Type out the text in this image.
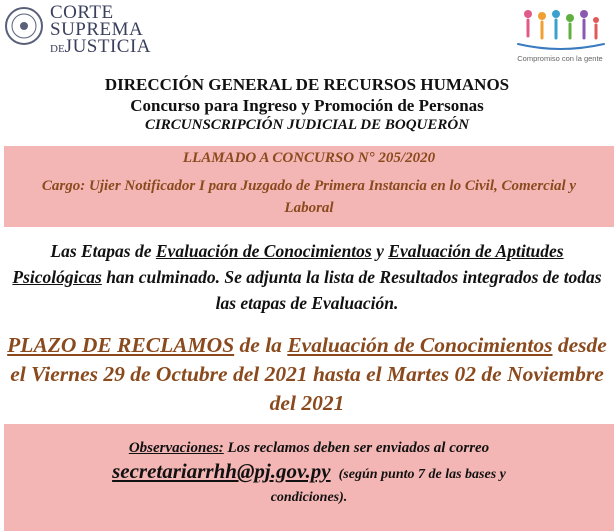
CORTE
SUPREMA
DEJUSTICIA
Compromiso con la gente
DIRECCIÓN GENERAL DE RECURSOS HUMANOS
Concurso para Ingreso y Promoción de Personas
CIRCUNSCRIPCIÓN JUDICIAL DE BOQUERÓN
LLAMADO A CONCURSO N° 205/2020
Cargo: Ujier Notificador I para Juzgado de Primera Instancia en lo Civil, Comercial y Laboral
Las Etapas de Evaluación de Conocimientos y Evaluación de Aptitudes Psicológicas han culminado. Se adjunta la lista de Resultados integrados de todas las etapas de Evaluación.
PLAZO DE RECLAMOS de la Evaluación de Conocimientos desde el Viernes 29 de Octubre del 2021 hasta el Martes 02 de Noviembre del 2021
Observaciones: Los reclamos deben ser enviados al correo
secretariarrhh@pj.gov.py (según punto 7 de las bases y
condiciones).
